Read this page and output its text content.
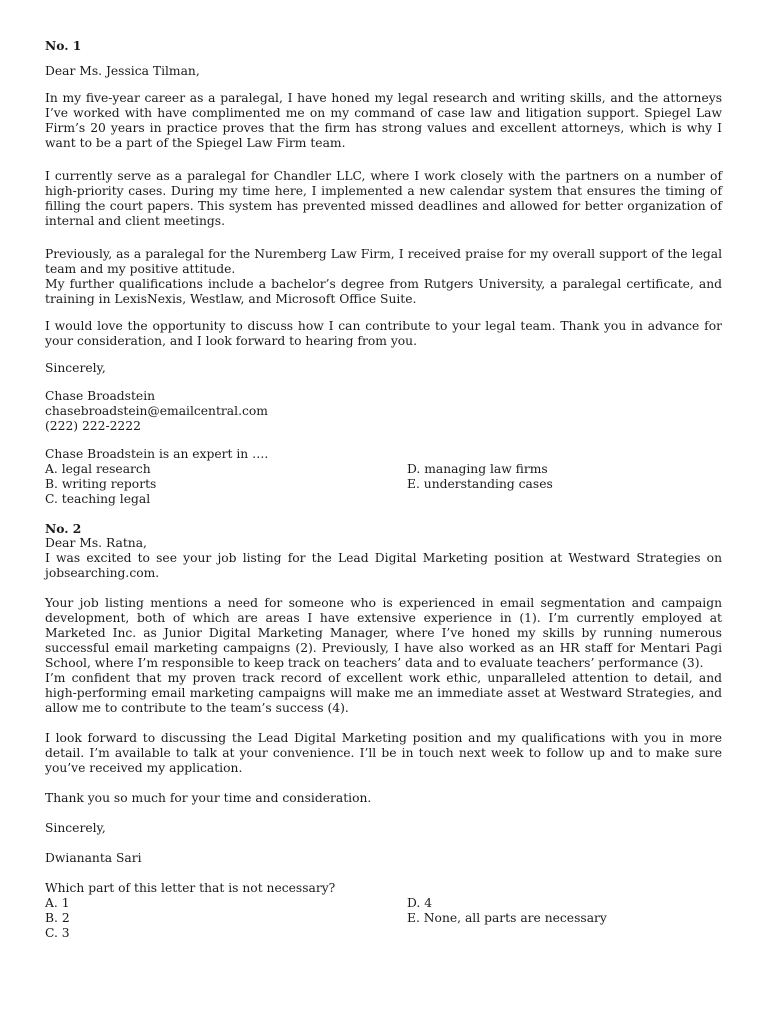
No. 1

Dear Ms. Jessica Tilman,

In my five-year career as a paralegal, I have honed my legal research and writing skills, and the attorneys I’ve worked with have complimented me on my command of case law and litigation support. Spiegel Law Firm’s 20 years in practice proves that the firm has strong values and excellent attorneys, which is why I want to be a part of the Spiegel Law Firm team.

I currently serve as a paralegal for Chandler LLC, where I work closely with the partners on a number of high-priority cases. During my time here, I implemented a new calendar system that ensures the timing of filling the court papers. This system has prevented missed deadlines and allowed for better organization of internal and client meetings.

Previously, as a paralegal for the Nuremberg Law Firm, I received praise for my overall support of the legal team and my positive attitude.

My further qualifications include a bachelor’s degree from Rutgers University, a paralegal certificate, and training in LexisNexis, Westlaw, and Microsoft Office Suite.

I would love the opportunity to discuss how I can contribute to your legal team. Thank you in advance for your consideration, and I look forward to hearing from you.

Sincerely,

Chase Broadstein

chasebroadstein@emailcentral.com

(222) 222-2222

Chase Broadstein is an expert in ….

A. legal research

B. writing reports

C. teaching legal

D. managing law firms

E. understanding cases

No. 2

Dear Ms. Ratna,

I was excited to see your job listing for the Lead Digital Marketing position at Westward Strategies on jobsearching.com.

Your job listing mentions a need for someone who is experienced in email segmentation and campaign development, both of which are areas I have extensive experience in (1). I’m currently employed at Marketed Inc. as Junior Digital Marketing Manager, where I’ve honed my skills by running numerous successful email marketing campaigns (2). Previously, I have also worked as an HR staff for Mentari Pagi School, where I’m responsible to keep track on teachers’ data and to evaluate teachers’ performance (3).

I’m confident that my proven track record of excellent work ethic, unparalleled attention to detail, and high-performing email marketing campaigns will make me an immediate asset at Westward Strategies, and allow me to contribute to the team’s success (4).

I look forward to discussing the Lead Digital Marketing position and my qualifications with you in more detail. I’m available to talk at your convenience. I’ll be in touch next week to follow up and to make sure you’ve received my application.

Thank you so much for your time and consideration.

Sincerely,

Dwiananta Sari

Which part of this letter that is not necessary?

A. 1

B. 2

C. 3

D. 4

E. None, all parts are necessary
